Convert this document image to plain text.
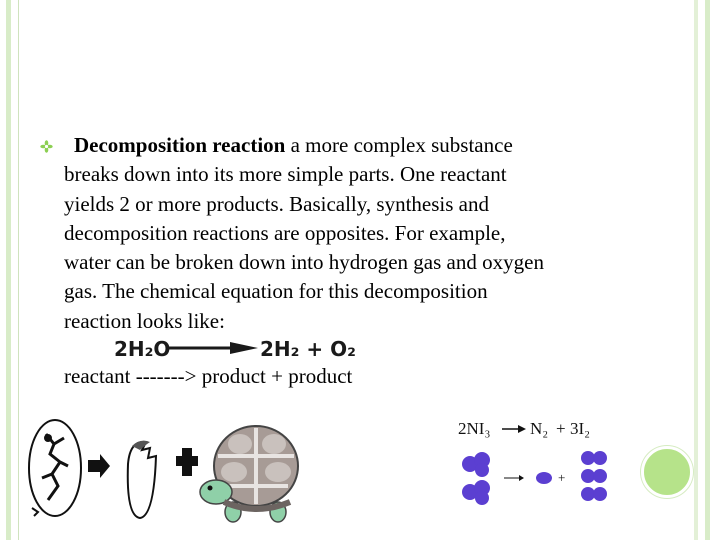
Decomposition reaction a more complex substance
breaks down into its more simple parts. One reactant
yields 2 or more products. Basically, synthesis and
decomposition reactions are opposites. For example,
water can be broken down into hydrogen gas and oxygen
gas. The chemical equation for this decomposition
reaction looks like:
2H₂O	2H₂ + O₂
reactant -------> product + product
2NI₃ N₂ + 3I₂
+
